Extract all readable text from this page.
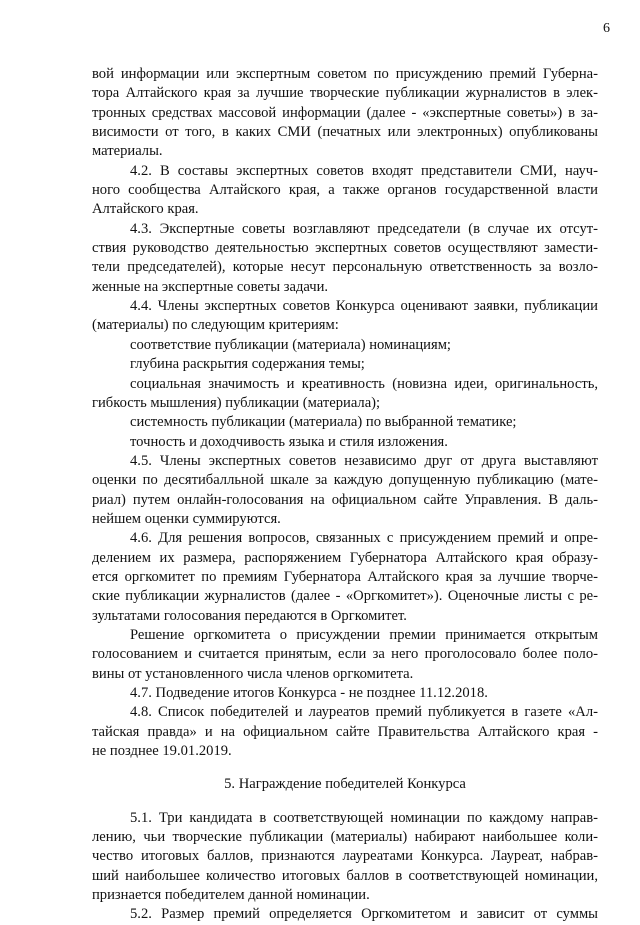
6

вой информации или экспертным советом по присуждению премий Губерна-

тора Алтайского края за лучшие творческие публикации журналистов в элек-

тронных средствах массовой информации (далее - «экспертные советы») в за-

висимости от того, в каких СМИ (печатных или электронных) опубликованы

материалы.

4.2. В составы экспертных советов входят представители СМИ, науч-

ного сообщества Алтайского края, а также органов государственной власти

Алтайского края.

4.3. Экспертные советы возглавляют председатели (в случае их отсут-

ствия руководство деятельностью экспертных советов осуществляют замести-

тели председателей), которые несут персональную ответственность за возло-

женные на экспертные советы задачи.

4.4. Члены экспертных советов Конкурса оценивают заявки, публикации

(материалы) по следующим критериям:

соответствие публикации (материала) номинациям;

глубина раскрытия содержания темы;

социальная значимость и креативность (новизна идеи, оригинальность,

гибкость мышления) публикации (материала);

системность публикации (материала) по выбранной тематике;

точность и доходчивость языка и стиля изложения.

4.5. Члены экспертных советов независимо друг от друга выставляют

оценки по десятибалльной шкале за каждую допущенную публикацию (мате-

риал) путем онлайн-голосования на официальном сайте Управления. В даль-

нейшем оценки суммируются.

4.6. Для решения вопросов, связанных с присуждением премий и опре-

делением их размера, распоряжением Губернатора Алтайского края образу-

ется оргкомитет по премиям Губернатора Алтайского края за лучшие творче-

ские публикации журналистов (далее - «Оргкомитет»). Оценочные листы с ре-

зультатами голосования передаются в Оргкомитет.

Решение оргкомитета о присуждении премии принимается открытым

голосованием и считается принятым, если за него проголосовало более поло-

вины от установленного числа членов оргкомитета.

4.7. Подведение итогов Конкурса - не позднее 11.12.2018.

4.8. Список победителей и лауреатов премий публикуется в газете «Ал-

тайская правда» и на официальном сайте Правительства Алтайского края -

не позднее 19.01.2019.

5. Награждение победителей Конкурса

5.1. Три кандидата в соответствующей номинации по каждому направ-

лению, чьи творческие публикации (материалы) набирают наибольшее коли-

чество итоговых баллов, признаются лауреатами Конкурса. Лауреат, набрав-

ший наибольшее количество итоговых баллов в соответствующей номинации,

признается победителем данной номинации.

5.2. Размер премий определяется Оргкомитетом и зависит от суммы
